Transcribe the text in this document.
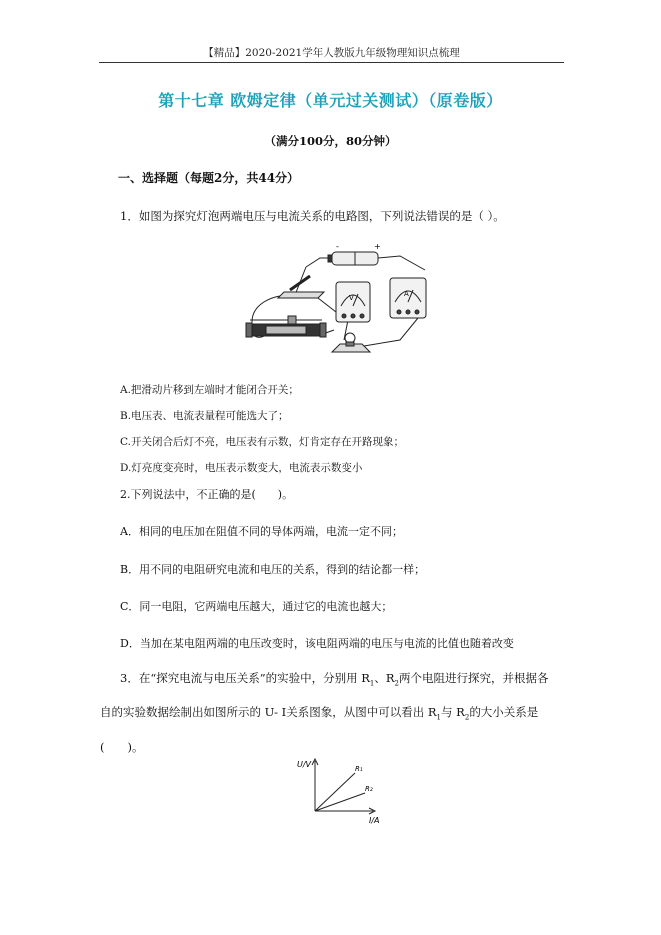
【精品】2020-2021学年人教版九年级物理知识点梳理
第十七章 欧姆定律（单元过关测试）（原卷版）
（满分100分，80分钟）
一、选择题（每题2分，共44分）
1．如图为探究灯泡两端电压与电流关系的电路图，下列说法错误的是（ ）。
-	+
V	A
A.把滑动片移到左端时才能闭合开关；
B.电压表、电流表量程可能选大了；
C.开关闭合后灯不亮，电压表有示数，灯肯定存在开路现象；
D.灯亮度变亮时，电压表示数变大，电流表示数变小
2.下列说法中，不正确的是(　　)。
A．相同的电压加在阻值不同的导体两端，电流一定不同；
B．用不同的电阻研究电流和电压的关系，得到的结论都一样；
C．同一电阻，它两端电压越大，通过它的电流也越大；
D．当加在某电阻两端的电压改变时，该电阻两端的电压与电流的比值也随着改变
3．在“探究电流与电压关系”的实验中，分别用 $R_1$、$R_2$两个电阻进行探究，并根据各
自的实验数据绘制出如图所示的 U- I关系图象，从图中可以看出 $R_1$与 $R_2$的大小关系是
(　　)。
U/V
I/A
R₁
R₂
